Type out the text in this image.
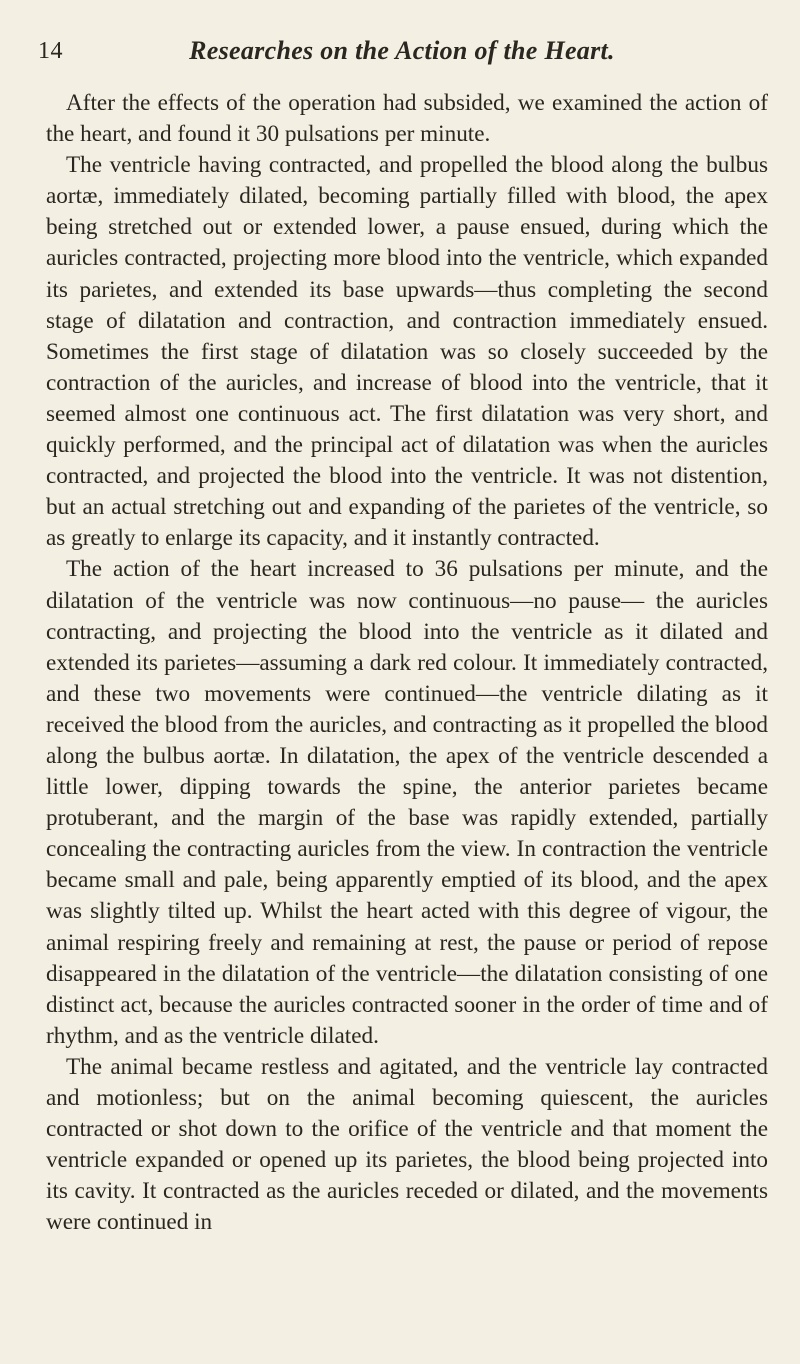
14	Researches on the Action of the Heart.

After the effects of the operation had subsided, we examined the action of the heart, and found it 30 pulsations per minute.

The ventricle having contracted, and propelled the blood along the bulbus aortæ, immediately dilated, becoming partially filled with blood, the apex being stretched out or extended lower, a pause ensued, during which the auricles contracted, projecting more blood into the ventricle, which expanded its parietes, and extended its base upwards—thus completing the second stage of dilatation and contraction, and contraction immediately ensued. Sometimes the first stage of dilatation was so closely succeeded by the contraction of the auricles, and increase of blood into the ventricle, that it seemed almost one continuous act. The first dilatation was very short, and quickly performed, and the principal act of dilatation was when the auricles contracted, and projected the blood into the ventricle. It was not distention, but an actual stretching out and expanding of the parietes of the ventricle, so as greatly to enlarge its capacity, and it instantly contracted.

The action of the heart increased to 36 pulsations per minute, and the dilatation of the ventricle was now continuous—no pause— the auricles contracting, and projecting the blood into the ventricle as it dilated and extended its parietes—assuming a dark red colour. It immediately contracted, and these two movements were continued—the ventricle dilating as it received the blood from the auricles, and contracting as it propelled the blood along the bulbus aortæ. In dilatation, the apex of the ventricle descended a little lower, dipping towards the spine, the anterior parietes became protuberant, and the margin of the base was rapidly extended, partially concealing the contracting auricles from the view. In contraction the ventricle became small and pale, being apparently emptied of its blood, and the apex was slightly tilted up. Whilst the heart acted with this degree of vigour, the animal respiring freely and remaining at rest, the pause or period of repose disappeared in the dilatation of the ventricle—the dilatation consisting of one distinct act, because the auricles contracted sooner in the order of time and of rhythm, and as the ventricle dilated.

The animal became restless and agitated, and the ventricle lay contracted and motionless; but on the animal becoming quiescent, the auricles contracted or shot down to the orifice of the ventricle and that moment the ventricle expanded or opened up its parietes, the blood being projected into its cavity. It contracted as the auricles receded or dilated, and the movements were continued in
